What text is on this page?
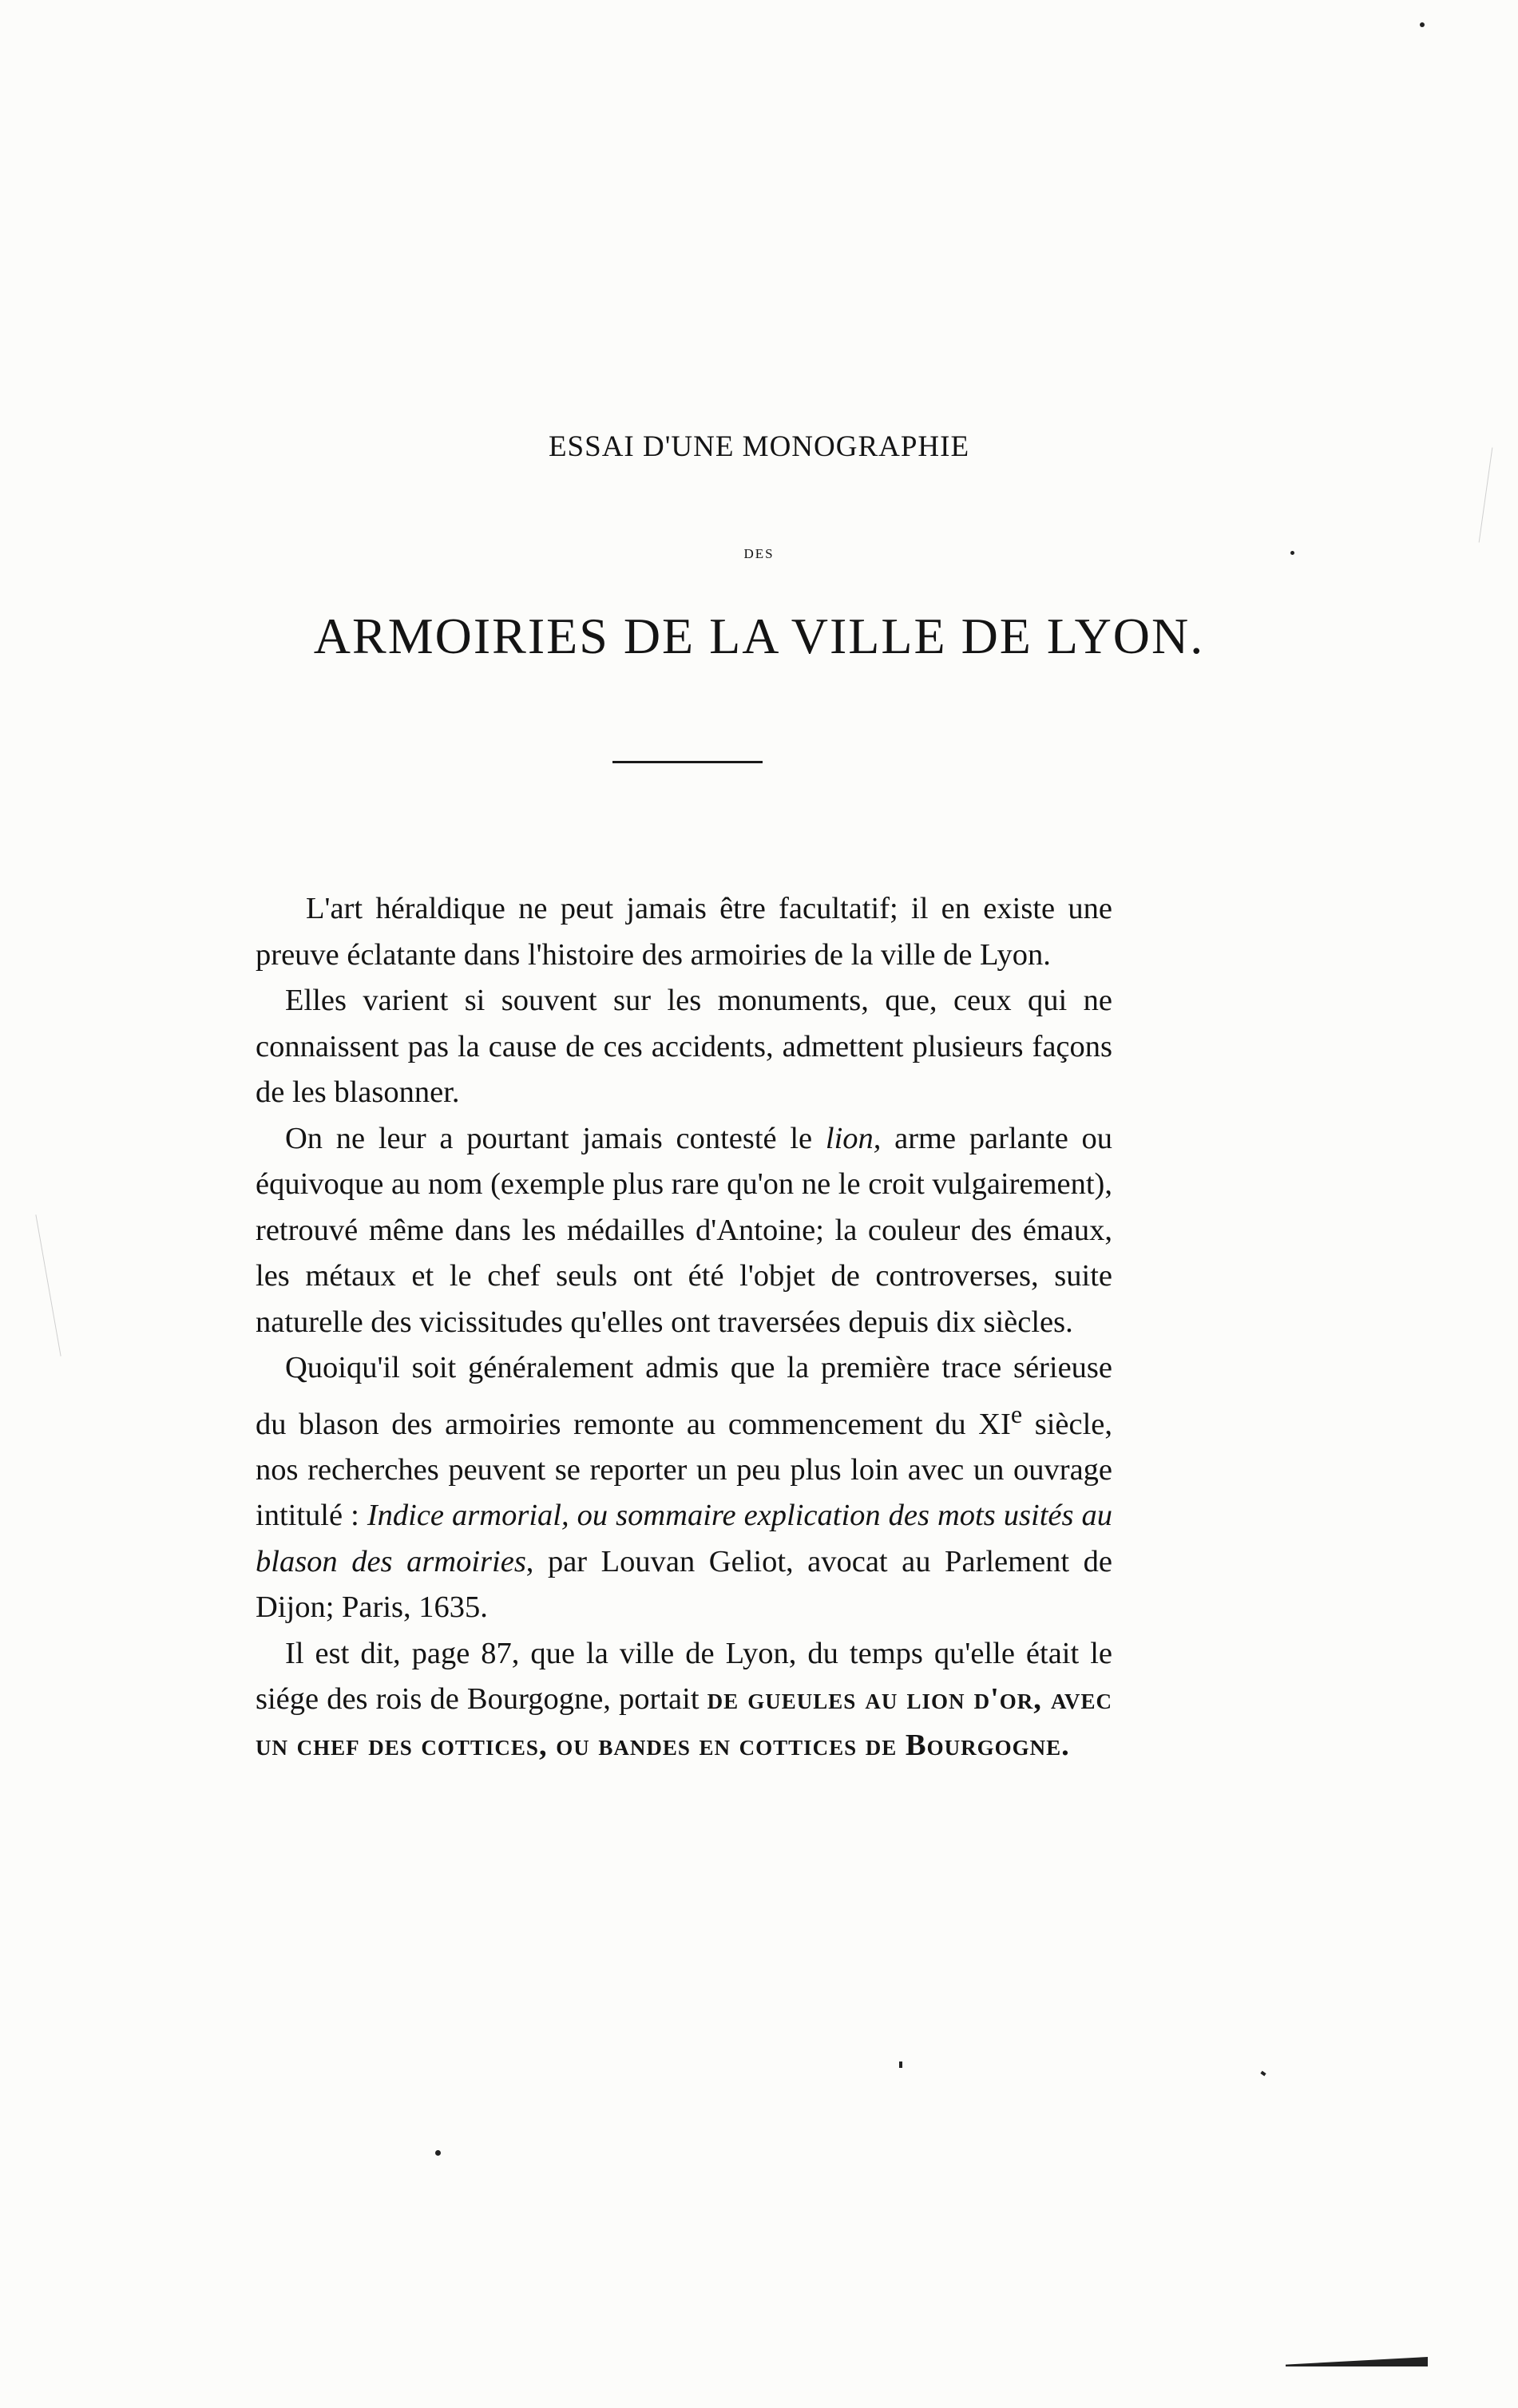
ESSAI D'UNE MONOGRAPHIE
DES
ARMOIRIES DE LA VILLE DE LYON.

L'art héraldique ne peut jamais être facultatif; il en existe une preuve éclatante dans l'histoire des armoiries de la ville de Lyon.

Elles varient si souvent sur les monuments, que, ceux qui ne connaissent pas la cause de ces accidents, admettent plusieurs façons de les blasonner.

On ne leur a pourtant jamais contesté le lion, arme parlante ou équivoque au nom (exemple plus rare qu'on ne le croit vulgairement), retrouvé même dans les médailles d'Antoine; la couleur des émaux, les métaux et le chef seuls ont été l'objet de controverses, suite naturelle des vicissitudes qu'elles ont traversées depuis dix siècles.

Quoiqu'il soit généralement admis que la première trace sérieuse du blason des armoiries remonte au commencement du XIe siècle, nos recherches peuvent se reporter un peu plus loin avec un ouvrage intitulé : Indice armorial, ou sommaire explication des mots usités au blason des armoiries, par Louvan Geliot, avocat au Parlement de Dijon; Paris, 1635.

Il est dit, page 87, que la ville de Lyon, du temps qu'elle était le siége des rois de Bourgogne, portait de gueules au lion d'or, avec un chef des cottices, ou bandes en cottices de Bourgogne.
